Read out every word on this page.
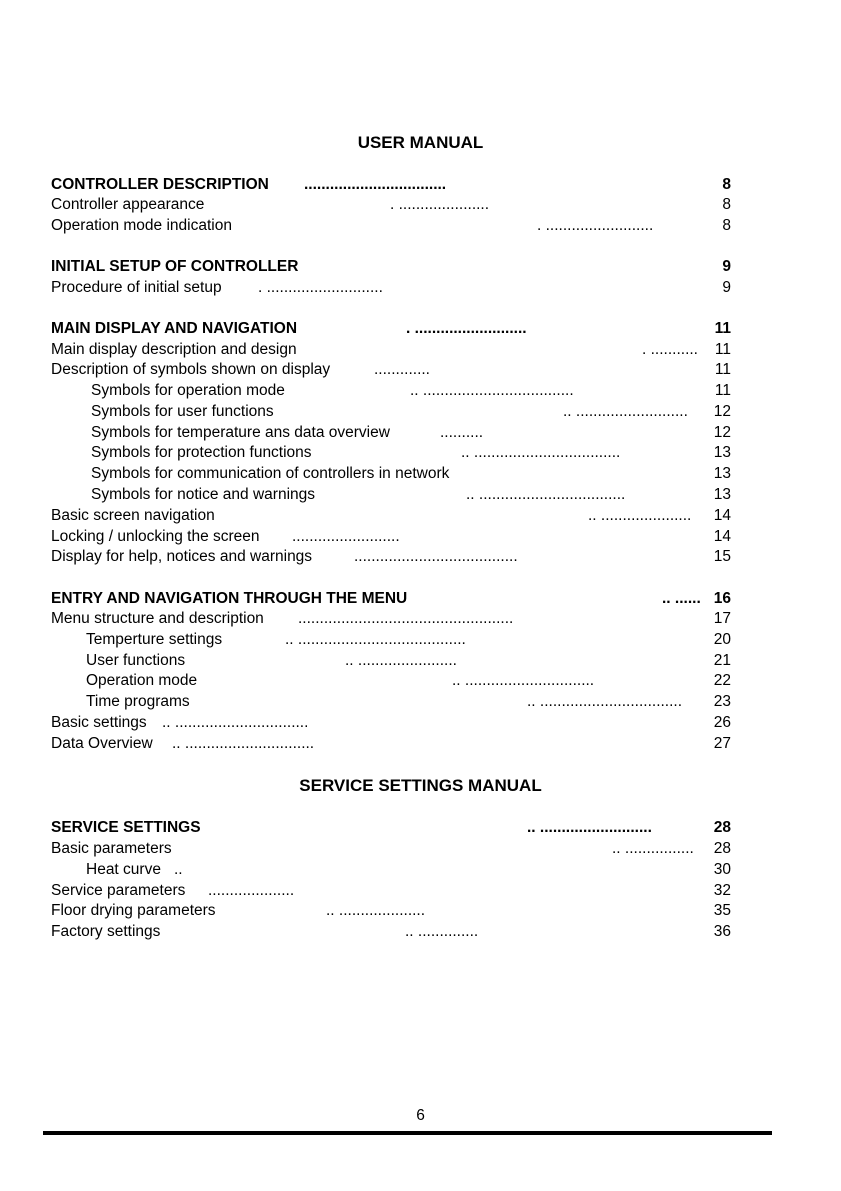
USER MANUAL
SERVICE SETTINGS MANUAL
CONTROLLER DESCRIPTION .................................	8
Controller appearance	. .....................	8
Operation mode indication	. .........................	8
INITIAL SETUP OF CONTROLLER	9
Procedure of initial setup . ...........................	9
MAIN DISPLAY AND NAVIGATION	. ..........................	11
Main display description and design	. ........... 11
Description of symbols shown on display	.............	11
Symbols for operation mode	.. ...................................	11
Symbols for user functions	.. .......................... 12
Symbols for temperature ans data overview	..........	12
Symbols for protection functions	.. ..................................	13
Symbols for communication of controllers in network	13
Symbols for notice and warnings	.. ..................................	13
Basic screen navigation	.. ..................... 14
Locking / unlocking the screen .........................	14
Display for help, notices and warnings	......................................	15
ENTRY AND NAVIGATION THROUGH THE MENU	.. ...... 16
Menu structure and description ..................................................	17
Temperture settings	.. .......................................	20
User functions	.. .......................	21
Operation mode	.. ..............................	22
Time programs	.. ................................. 23
Basic settings .. ...............................	26
Data Overview .. ..............................	27
SERVICE SETTINGS	.. ..........................	28
Basic parameters	.. ................ 28
Heat curve ..	30
Service parameters ....................	32
Floor drying parameters	.. ....................	35
Factory settings	.. ..............	36
6
